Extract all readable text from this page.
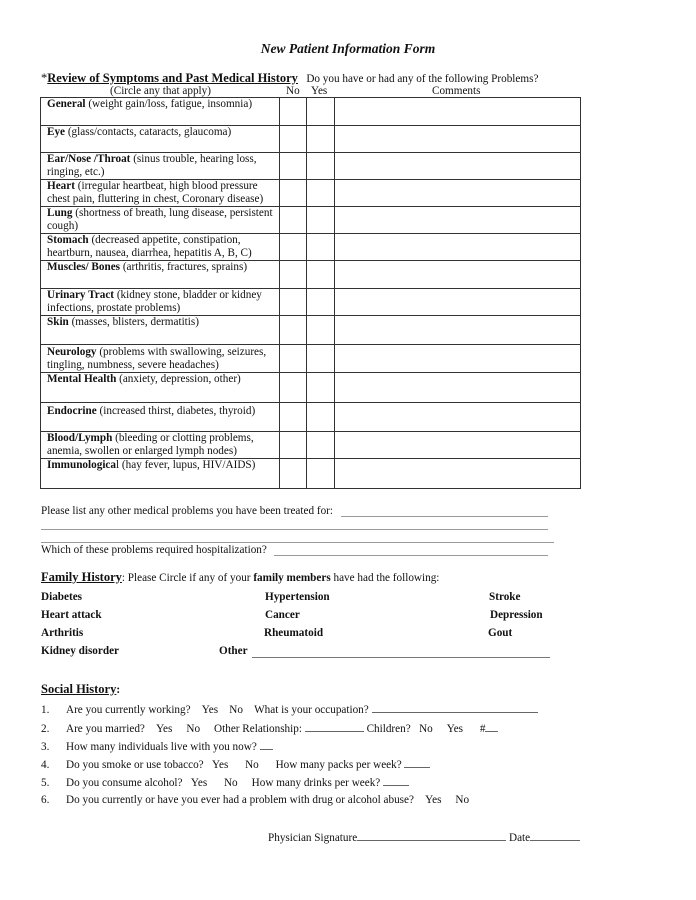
New Patient Information Form
*Review of Symptoms and Past Medical History Do you have or had any of the following Problems?
(Circle any that apply)	No Yes	Comments
General (weight gain/loss, fatigue, insomnia)			
Eye (glass/contacts, cataracts, glaucoma)			
Ear/Nose /Throat (sinus trouble, hearing loss, ringing, etc.)			
Heart (irregular heartbeat, high blood pressure chest pain, fluttering in chest, Coronary disease)			
Lung (shortness of breath, lung disease, persistent cough)			
Stomach (decreased appetite, constipation, heartburn, nausea, diarrhea, hepatitis A, B, C)			
Muscles/ Bones (arthritis, fractures, sprains)			
Urinary Tract (kidney stone, bladder or kidney infections, prostate problems)			
Skin (masses, blisters, dermatitis)			
Neurology (problems with swallowing, seizures, tingling, numbness, severe headaches)			
Mental Health (anxiety, depression, other)			
Endocrine (increased thirst, diabetes, thyroid)			
Blood/Lymph (bleeding or clotting problems, anemia, swollen or enlarged lymph nodes)			
Immunological (hay fever, lupus, HIV/AIDS)			
Please list any other medical problems you have been treated for:
Which of these problems required hospitalization?
Family History: Please Circle if any of your family members have had the following:
Diabetes	Hypertension	Stroke
Heart attack	Cancer	Depression
Arthritis	Rheumatoid	Gout
Kidney disorder	Other
Social History:
1. Are you currently working? Yes No What is your occupation?
2. Are you married? Yes No Other Relationship:	Children? No Yes #
3. How many individuals live with you now?
4. Do you smoke or use tobacco? Yes No How many packs per week?
5. Do you consume alcohol? Yes No How many drinks per week?
6. Do you currently or have you ever had a problem with drug or alcohol abuse? Yes No
Physician Signature	Date
